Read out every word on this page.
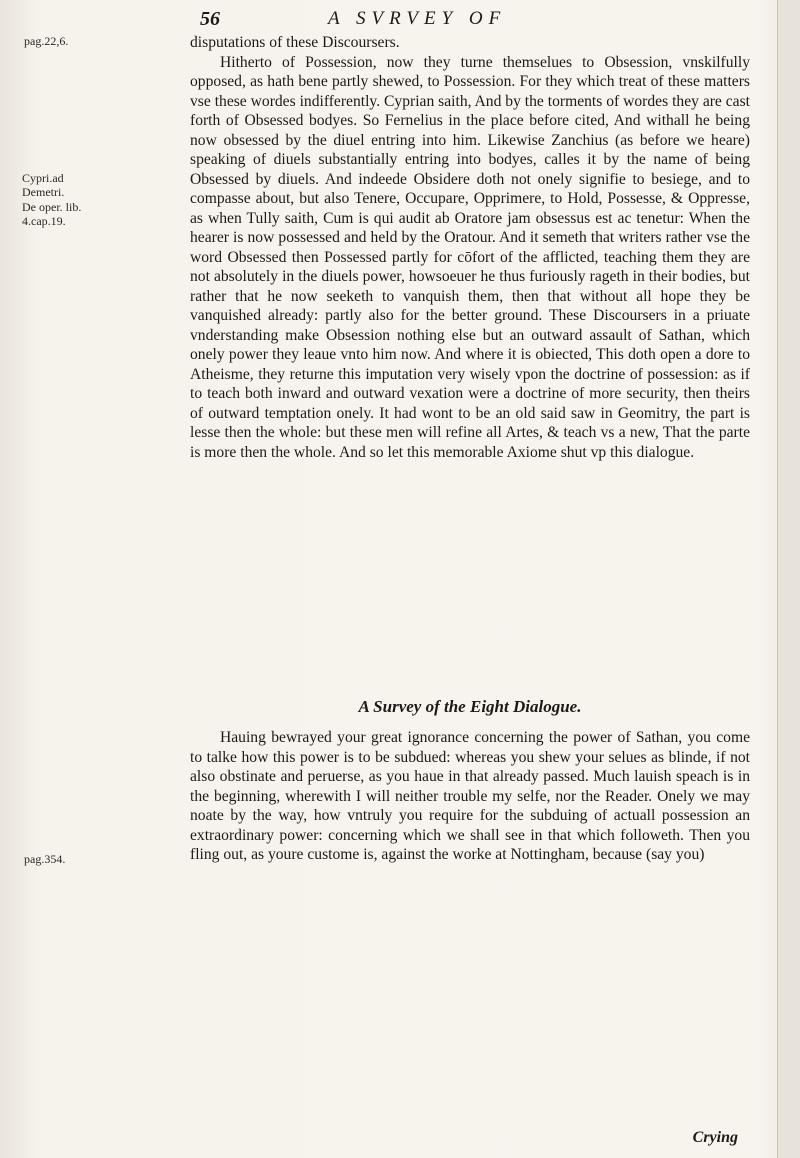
56	A SVRVEY OF
pag.22,6.
Cypri.ad Demetri.
De oper. lib. 4.cap.19.
pag.354.

disputations of these Discoursers.

Hitherto of Possession, now they turne themselues to Obsession, vnskilfully opposed, as hath bene partly shewed, to Possession. For they which treat of these matters vse these wordes indifferently. Cyprian saith, And by the torments of wordes they are cast forth of Obsessed bodyes. So Fernelius in the place before cited, And withall he being now obsessed by the diuel entring into him. Likewise Zanchius (as before we heare) speaking of diuels substantially entring into bodyes, calles it by the name of being Obsessed by diuels. And indeede Obsidere doth not onely signifie to besiege, and to compasse about, but also Tenere, Occupare, Opprimere, to Hold, Possesse, & Oppresse, as when Tully saith, Cum is qui audit ab Oratore jam obsessus est ac tenetur: When the hearer is now possessed and held by the Oratour. And it semeth that writers rather vse the word Obsessed then Possessed partly for cōfort of the afflicted, teaching them they are not absolutely in the diuels power, howsoeuer he thus furiously rageth in their bodies, but rather that he now seeketh to vanquish them, then that without all hope they be vanquished already: partly also for the better ground. These Discoursers in a priuate vnderstanding make Obsession nothing else but an outward assault of Sathan, which onely power they leaue vnto him now. And where it is obiected, This doth open a dore to Atheisme, they returne this imputation very wisely vpon the doctrine of possession: as if to teach both inward and outward vexation were a doctrine of more security, then theirs of outward temptation onely. It had wont to be an old said saw in Geomitry, the part is lesse then the whole: but these men will refine all Artes, & teach vs a new, That the parte is more then the whole. And so let this memorable Axiome shut vp this dialogue.

A Survey of the Eight Dialogue.

Hauing bewrayed your great ignorance concerning the power of Sathan, you come to talke how this power is to be subdued: whereas you shew your selues as blinde, if not also obstinate and peruerse, as you haue in that already passed. Much lauish speach is in the beginning, wherewith I will neither trouble my selfe, nor the Reader. Onely we may noate by the way, how vntruly you require for the subduing of actuall possession an extraordinary power: concerning which we shall see in that which followeth. Then you fling out, as youre custome is, against the worke at Nottingham, because (say you)

Crying
